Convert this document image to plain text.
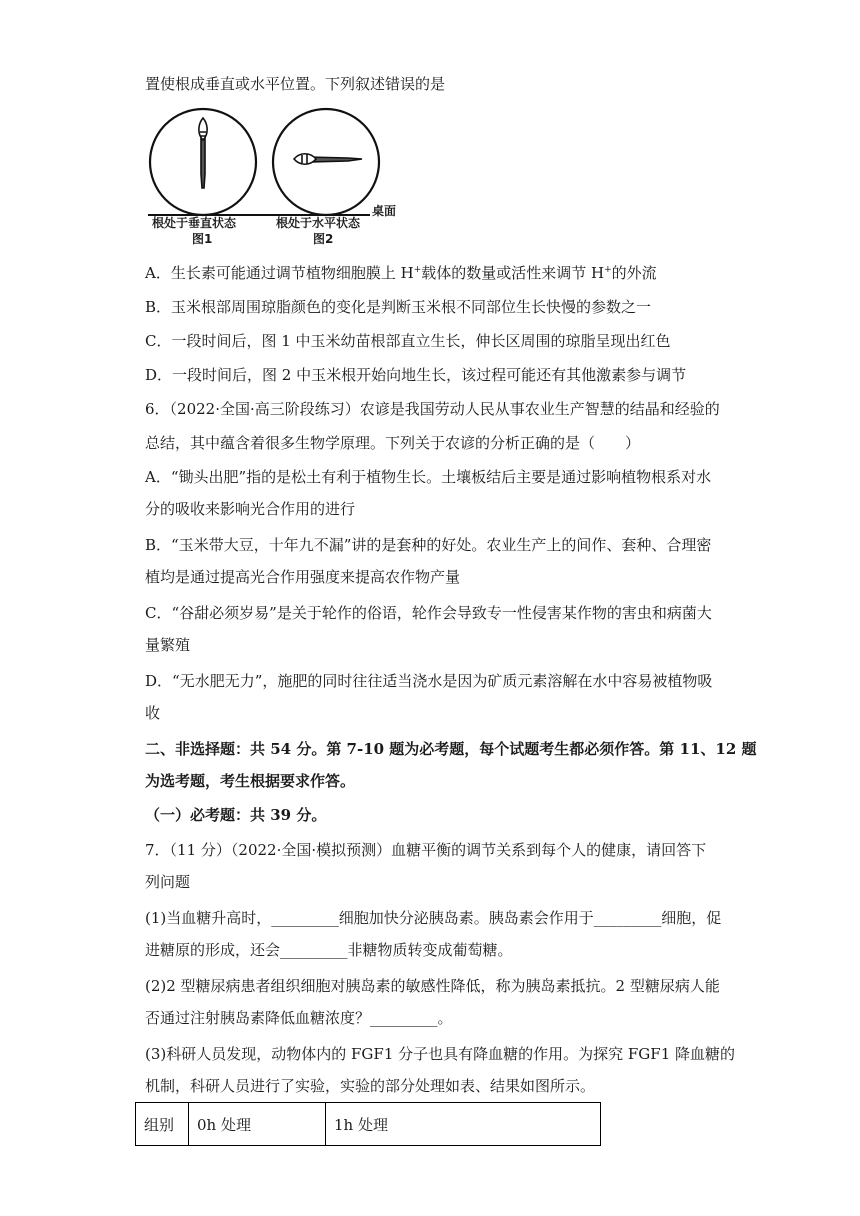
置使根成垂直或水平位置。下列叙述错误的是
根处于垂直状态
图1
根处于水平状态
图2
桌面
A．生长素可能通过调节植物细胞膜上 H+载体的数量或活性来调节 H+的外流
B．玉米根部周围琼脂颜色的变化是判断玉米根不同部位生长快慢的参数之一
C．一段时间后，图 1 中玉米幼苗根部直立生长，伸长区周围的琼脂呈现出红色
D．一段时间后，图 2 中玉米根开始向地生长，该过程可能还有其他激素参与调节
6．（2022·全国·高三阶段练习）农谚是我国劳动人民从事农业生产智慧的结晶和经验的
总结，其中蕴含着很多生物学原理。下列关于农谚的分析正确的是（　　）
A．“锄头出肥”指的是松土有利于植物生长。土壤板结后主要是通过影响植物根系对水
分的吸收来影响光合作用的进行
B．“玉米带大豆，十年九不漏”讲的是套种的好处。农业生产上的间作、套种、合理密
植均是通过提高光合作用强度来提高农作物产量
C．“谷甜必须岁易”是关于轮作的俗语，轮作会导致专一性侵害某作物的害虫和病菌大
量繁殖
D．“无水肥无力”，施肥的同时往往适当浇水是因为矿质元素溶解在水中容易被植物吸
收
二、非选择题：共 54 分。第 7-10 题为必考题，每个试题考生都必须作答。第 11、12 题
为选考题，考生根据要求作答。
（一）必考题：共 39 分。
7．（11 分）（2022·全国·模拟预测）血糖平衡的调节关系到每个人的健康，请回答下
列问题
(1)当血糖升高时，_________细胞加快分泌胰岛素。胰岛素会作用于_________细胞，促
进糖原的形成，还会_________非糖物质转变成葡萄糖。
(2)2 型糖尿病患者组织细胞对胰岛素的敏感性降低，称为胰岛素抵抗。2 型糖尿病人能
否通过注射胰岛素降低血糖浓度？_________。
(3)科研人员发现，动物体内的 FGF1 分子也具有降血糖的作用。为探究 FGF1 降血糖的
机制，科研人员进行了实验，实验的部分处理如表、结果如图所示。
组别	0h 处理	1h 处理
